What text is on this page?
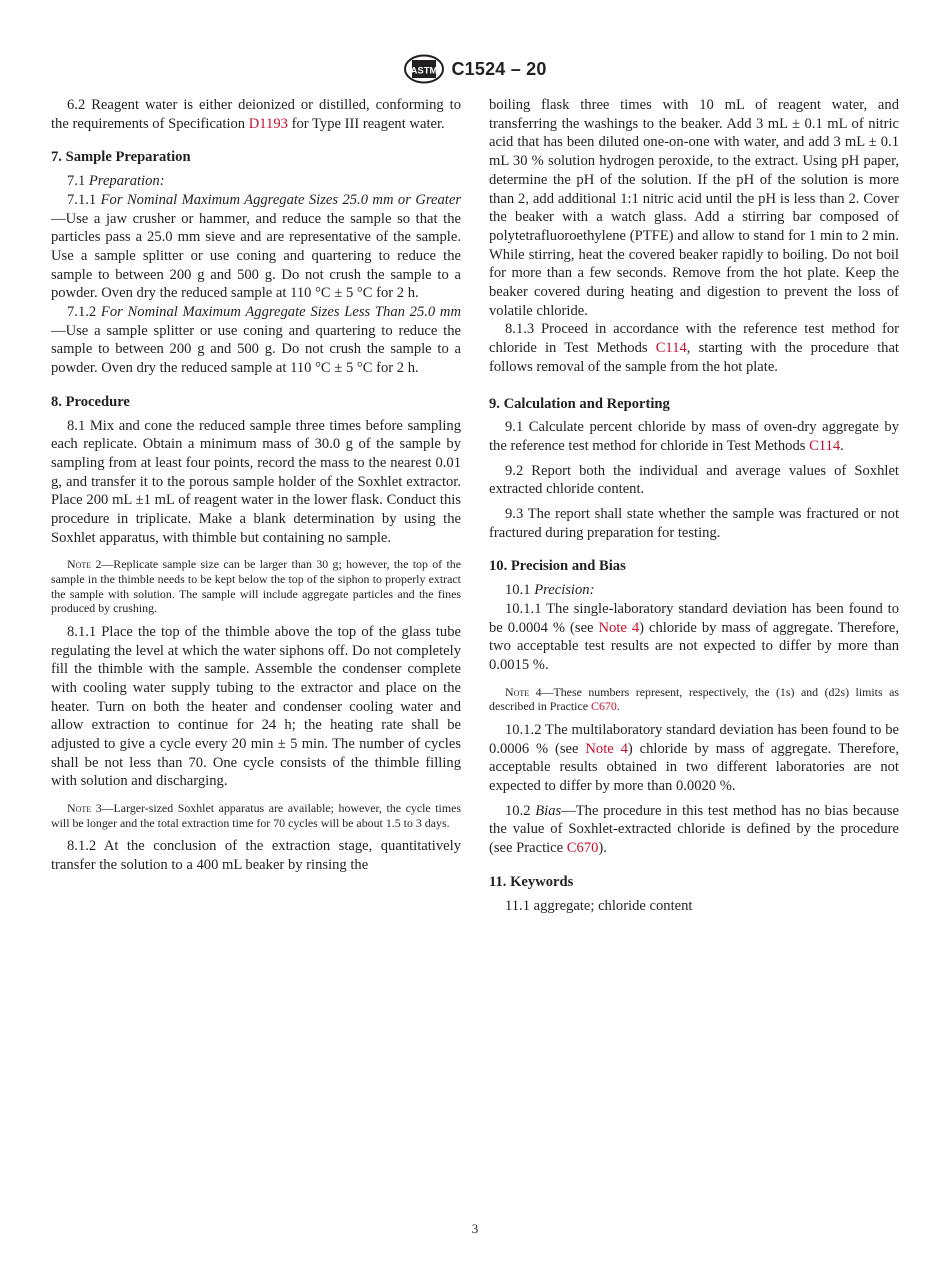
ASTM C1524 – 20

6.2 Reagent water is either deionized or distilled, conforming to the requirements of Specification D1193 for Type III reagent water.

7. Sample Preparation

7.1 Preparation:

7.1.1 For Nominal Maximum Aggregate Sizes 25.0 mm or Greater—Use a jaw crusher or hammer, and reduce the sample so that the particles pass a 25.0 mm sieve and are representative of the sample. Use a sample splitter or use coning and quartering to reduce the sample to between 200 g and 500 g. Do not crush the sample to a powder. Oven dry the reduced sample at 110 °C ± 5 °C for 2 h.

7.1.2 For Nominal Maximum Aggregate Sizes Less Than 25.0 mm—Use a sample splitter or use coning and quartering to reduce the sample to between 200 g and 500 g. Do not crush the sample to a powder. Oven dry the reduced sample at 110 °C ± 5 °C for 2 h.

8. Procedure

8.1 Mix and cone the reduced sample three times before sampling each replicate. Obtain a minimum mass of 30.0 g of the sample by sampling from at least four points, record the mass to the nearest 0.01 g, and transfer it to the porous sample holder of the Soxhlet extractor. Place 200 mL ±1 mL of reagent water in the lower flask. Conduct this procedure in triplicate. Make a blank determination by using the Soxhlet apparatus, with thimble but containing no sample.

Note 2—Replicate sample size can be larger than 30 g; however, the top of the sample in the thimble needs to be kept below the top of the siphon to properly extract the sample with solution. The sample will include aggregate particles and the fines produced by crushing.

8.1.1 Place the top of the thimble above the top of the glass tube regulating the level at which the water siphons off. Do not completely fill the thimble with the sample. Assemble the condenser complete with cooling water supply tubing to the extractor and place on the heater. Turn on both the heater and condenser cooling water and allow extraction to continue for 24 h; the heating rate shall be adjusted to give a cycle every 20 min ± 5 min. The number of cycles shall be not less than 70. One cycle consists of the thimble filling with solution and discharging.

Note 3—Larger-sized Soxhlet apparatus are available; however, the cycle times will be longer and the total extraction time for 70 cycles will be about 1.5 to 3 days.

8.1.2 At the conclusion of the extraction stage, quantitatively transfer the solution to a 400 mL beaker by rinsing the

boiling flask three times with 10 mL of reagent water, and transferring the washings to the beaker. Add 3 mL ± 0.1 mL of nitric acid that has been diluted one-on-one with water, and add 3 mL ± 0.1 mL 30 % solution hydrogen peroxide, to the extract. Using pH paper, determine the pH of the solution. If the pH of the solution is more than 2, add additional 1:1 nitric acid until the pH is less than 2. Cover the beaker with a watch glass. Add a stirring bar composed of polytetrafluoroethylene (PTFE) and allow to stand for 1 min to 2 min. While stirring, heat the covered beaker rapidly to boiling. Do not boil for more than a few seconds. Remove from the hot plate. Keep the beaker covered during heating and digestion to prevent the loss of volatile chloride.

8.1.3 Proceed in accordance with the reference test method for chloride in Test Methods C114, starting with the procedure that follows removal of the sample from the hot plate.

9. Calculation and Reporting

9.1 Calculate percent chloride by mass of oven-dry aggregate by the reference test method for chloride in Test Methods C114.

9.2 Report both the individual and average values of Soxhlet extracted chloride content.

9.3 The report shall state whether the sample was fractured or not fractured during preparation for testing.

10. Precision and Bias

10.1 Precision:

10.1.1 The single-laboratory standard deviation has been found to be 0.0004 % (see Note 4) chloride by mass of aggregate. Therefore, two acceptable test results are not expected to differ by more than 0.0015 %.

Note 4—These numbers represent, respectively, the (1s) and (d2s) limits as described in Practice C670.

10.1.2 The multilaboratory standard deviation has been found to be 0.0006 % (see Note 4) chloride by mass of aggregate. Therefore, acceptable results obtained in two different laboratories are not expected to differ by more than 0.0020 %.

10.2 Bias—The procedure in this test method has no bias because the value of Soxhlet-extracted chloride is defined by the procedure (see Practice C670).

11. Keywords

11.1 aggregate; chloride content

3
